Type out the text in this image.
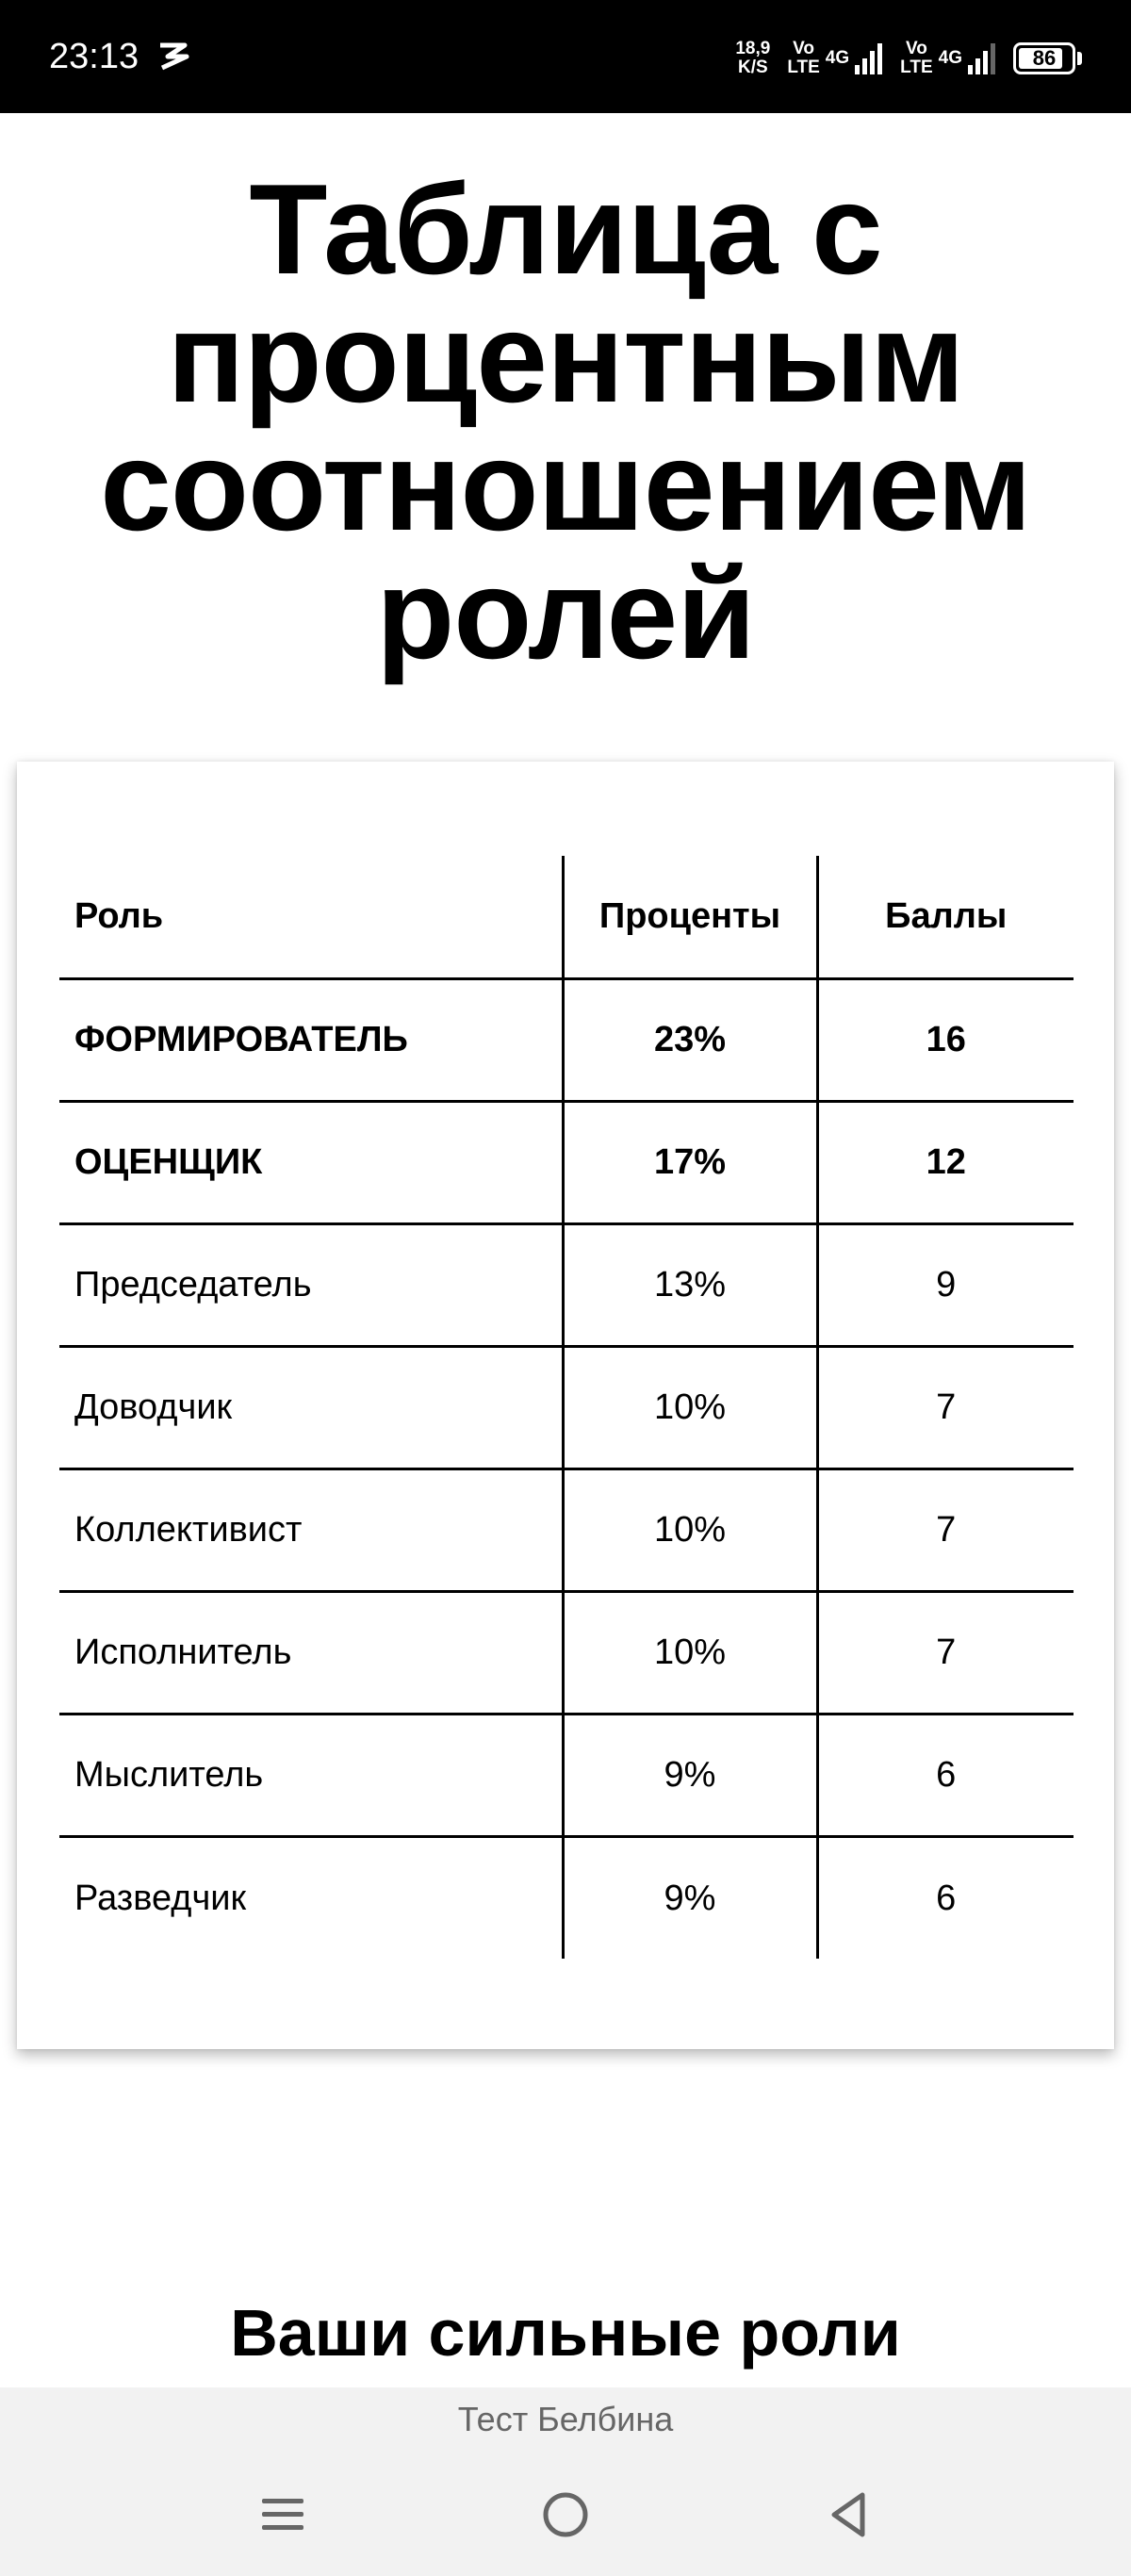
23:13	18,9
K/S
Vo
LTE 4G	Vo
LTE 4G	86
Таблица с процентным соотношением ролей
Роль	Проценты	Баллы
ФОРМИРОВАТЕЛЬ	23%	16
ОЦЕНЩИК	17%	12
Председатель	13%	9
Доводчик	10%	7
Коллективист	10%	7
Исполнитель	10%	7
Мыслитель	9%	6
Разведчик	9%	6
Ваши сильные роли
Тест Белбина
